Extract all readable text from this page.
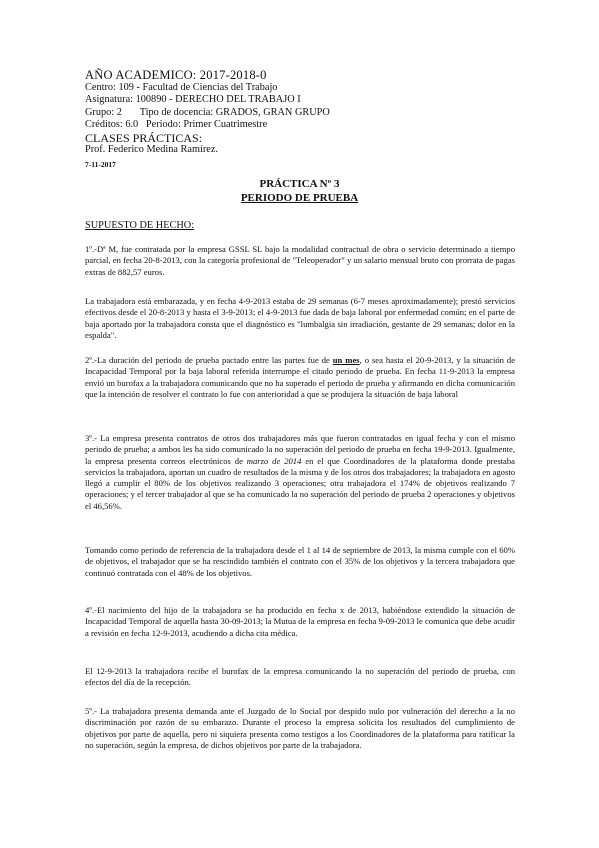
AÑO ACADEMICO: 2017-2018-0
Centro: 109 - Facultad de Ciencias del Trabajo
Asignatura: 100890 - DERECHO DEL TRABAJO I
Grupo: 2       Tipo de docencia: GRADOS, GRAN GRUPO
Créditos: 6.0   Periodo: Primer Cuatrimestre
CLASES PRÁCTICAS:
Prof. Federico Medina Ramírez.
7-11-2017
PRÁCTICA Nº 3
PERIODO DE PRUEBA
SUPUESTO DE HECHO:
1º.-Dª M, fue contratada por la empresa GSSL SL bajo la modalidad contractual de obra o servicio determinado a tiempo parcial, en fecha 20-8-2013, con la categoría profesional de "Teleoperador" y un salario mensual bruto con prorrata de pagas extras de 882,57 euros.
La trabajadora está embarazada, y en fecha 4-9-2013 estaba de 29 semanas (6-7 meses aproximadamente); prestó servicios efectivos desde el 20-8-2013 y hasta el 3-9-2013; el 4-9-2013 fue dada de baja laboral por enfermedad común; en el parte de baja aportado por la trabajadora consta que el diagnóstico es "lumbalgia sin irradiación, gestante de 29 semanas; dolor en la espalda".
2º.-La duración del periodo de prueba pactado entre las partes fue de un mes, o sea hasta el 20-9-2013, y la situación de Incapacidad Temporal por la baja laboral referida interrumpe el citado periodo de prueba. En fecha 11-9-2013 la empresa envió un burofax a la trabajadora comunicando que no ha superado el periodo de prueba y afirmando en dicha comunicación que la intención de resolver el contrato lo fue con anterioridad a que se produjera la situación de baja laboral
3º.- La empresa presenta contratos de otros dos trabajadores más que fueron contratados en igual fecha y con el mismo periodo de prueba; a ambos les ha sido comunicado la no superación del periodo de prueba en fecha 19-9-2013. Igualmente, la empresa presenta correos electrónicos de marzo de 2014 en el que Coordinadores de la plataforma donde prestaba servicios la trabajadora, aportan un cuadro de resultados de la misma y de los otros dos trabajadores; la trabajadora en agosto llegó a cumplir el 80% de los objetivos realizando 3 operaciones; otra trabajadora el 174% de objetivos realizando 7 operaciones; y el tercer trabajador al que se ha comunicado la no superación del periodo de prueba 2 operaciones y objetivos el 46,56%.
Tomando como periodo de referencia de la trabajadora desde el 1 al 14 de septiembre de 2013, la misma cumple con el 60% de objetivos, el trabajador que se ha rescindido también el contrato con el 35% de los objetivos y la tercera trabajadora que continuó contratada con el 48% de los objetivos.
4º.-El nacimiento del hijo de la trabajadora se ha producido en fecha x de 2013, habiéndose extendido la situación de Incapacidad Temporal de aquella hasta 30-09-2013; la Mutua de la empresa en fecha 9-09-2013 le comunica que debe acudir a revisión en fecha 12-9-2013, acudiendo a dicha cita médica.
El 12-9-2013 la trabajadora recibe el burofax de la empresa comunicando la no superación del periodo de prueba, con efectos del día de la recepción.
5º.- La trabajadora presenta demanda ante el Juzgado de lo Social por despido nulo por vulneración del derecho a la no discriminación por razón de su embarazo. Durante el proceso la empresa solicita los resultados del cumplimiento de objetivos por parte de aquella, pero ni siquiera presenta como testigos a los Coordinadores de la plataforma para ratificar la no superación, según la empresa, de dichos objetivos por parte de la trabajadora.
